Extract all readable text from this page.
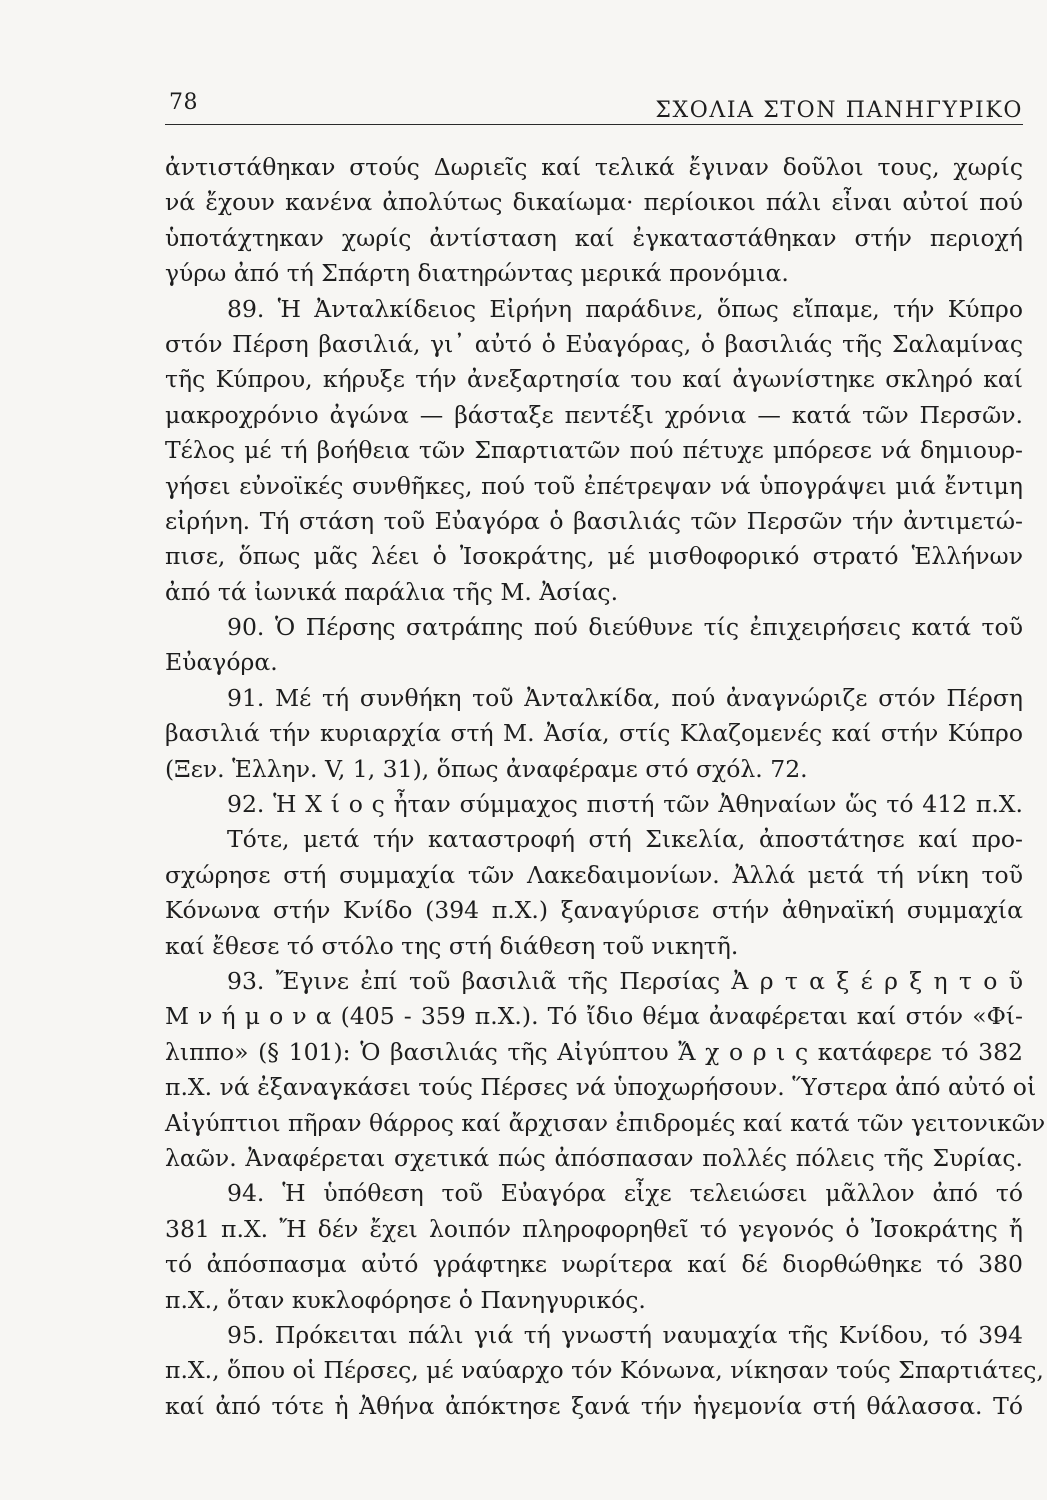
78	ΣΧΟΛΙΑ ΣΤΟΝ ΠΑΝΗΓΥΡΙΚΟ
ἀντιστάθηκαν στούς Δωριεῖς καί τελικά ἔγιναν δοῦλοι τους, χωρίς
νά ἔχουν κανένα ἀπολύτως δικαίωμα· περίοικοι πάλι εἶναι αὐτοί πού
ὑποτάχτηκαν χωρίς ἀντίσταση καί ἐγκαταστάθηκαν στήν περιοχή
γύρω ἀπό τή Σπάρτη διατηρώντας μερικά προνόμια.
89. Ἡ Ἀνταλκίδειος Εἰρήνη παράδινε, ὅπως εἴπαμε, τήν Κύπρο
στόν Πέρση βασιλιά, γι᾿ αὐτό ὁ Εὐαγόρας, ὁ βασιλιάς τῆς Σαλαμίνας
τῆς Κύπρου, κήρυξε τήν ἀνεξαρτησία του καί ἀγωνίστηκε σκληρό καί
μακροχρόνιο ἀγώνα — βάσταξε πεντέξι χρόνια — κατά τῶν Περσῶν.
Τέλος μέ τή βοήθεια τῶν Σπαρτιατῶν πού πέτυχε μπόρεσε νά δημιουρ-
γήσει εὐνοϊκές συνθῆκες, πού τοῦ ἐπέτρεψαν νά ὑπογράψει μιά ἔντιμη
εἰρήνη. Τή στάση τοῦ Εὐαγόρα ὁ βασιλιάς τῶν Περσῶν τήν ἀντιμετώ-
πισε, ὅπως μᾶς λέει ὁ Ἰσοκράτης, μέ μισθοφορικό στρατό Ἑλλήνων
ἀπό τά ἰωνικά παράλια τῆς Μ. Ἀσίας.
90. Ὁ Πέρσης σατράπης πού διεύθυνε τίς ἐπιχειρήσεις κατά τοῦ
Εὐαγόρα.
91. Μέ τή συνθήκη τοῦ Ἀνταλκίδα, πού ἀναγνώριζε στόν Πέρση
βασιλιά τήν κυριαρχία στή Μ. Ἀσία, στίς Κλαζομενές καί στήν Κύπρο
(Ξεν. Ἑλλην. V, 1, 31), ὅπως ἀναφέραμε στό σχόλ. 72.
92. Ἡ Χ ί ο ς ἦταν σύμμαχος πιστή τῶν Ἀθηναίων ὥς τό 412 π.Χ.
Τότε, μετά τήν καταστροφή στή Σικελία, ἀποστάτησε καί προ-
σχώρησε στή συμμαχία τῶν Λακεδαιμονίων. Ἀλλά μετά τή νίκη τοῦ
Κόνωνα στήν Κνίδο (394 π.Χ.) ξαναγύρισε στήν ἀθηναϊκή συμμαχία
καί ἔθεσε τό στόλο της στή διάθεση τοῦ νικητῆ.
93. Ἔγινε ἐπί τοῦ βασιλιᾶ τῆς Περσίας Ἀ ρ τ α ξ έ ρ ξ η τ ο ῦ
Μ ν ή μ ο ν α (405 - 359 π.Χ.). Τό ἴδιο θέμα ἀναφέρεται καί στόν «Φί-
λιππο» (§ 101): Ὁ βασιλιάς τῆς Αἰγύπτου Ἄ χ ο ρ ι ς κατάφερε τό 382
π.Χ. νά ἐξαναγκάσει τούς Πέρσες νά ὑποχωρήσουν. Ὕστερα ἀπό αὐτό οἱ
Αἰγύπτιοι πῆραν θάρρος καί ἄρχισαν ἐπιδρομές καί κατά τῶν γειτονικῶν
λαῶν. Ἀναφέρεται σχετικά πώς ἀπόσπασαν πολλές πόλεις τῆς Συρίας.
94. Ἡ ὑπόθεση τοῦ Εὐαγόρα εἶχε τελειώσει μᾶλλον ἀπό τό
381 π.Χ. Ἤ δέν ἔχει λοιπόν πληροφορηθεῖ τό γεγονός ὁ Ἰσοκράτης ἤ
τό ἀπόσπασμα αὐτό γράφτηκε νωρίτερα καί δέ διορθώθηκε τό 380
π.Χ., ὅταν κυκλοφόρησε ὁ Πανηγυρικός.
95. Πρόκειται πάλι γιά τή γνωστή ναυμαχία τῆς Κνίδου, τό 394
π.Χ., ὅπου οἱ Πέρσες, μέ ναύαρχο τόν Κόνωνα, νίκησαν τούς Σπαρτιάτες,
καί ἀπό τότε ἡ Ἀθήνα ἀπόκτησε ξανά τήν ἡγεμονία στή θάλασσα. Τό
